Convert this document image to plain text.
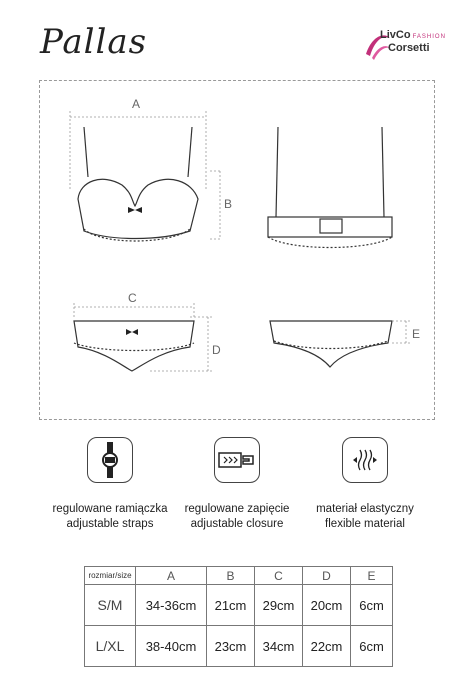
Pallas	LivCo FASHION
Corsetti
A
B
C
D
E
regulowane ramiączka
adjustable straps
regulowane zapięcie
adjustable closure
materiał elastyczny
flexible material
rozmiar/size	A	B	C	D	E
S/M	34-36cm	21cm	29cm	20cm	6cm
L/XL	38-40cm	23cm	34cm	22cm	6cm
